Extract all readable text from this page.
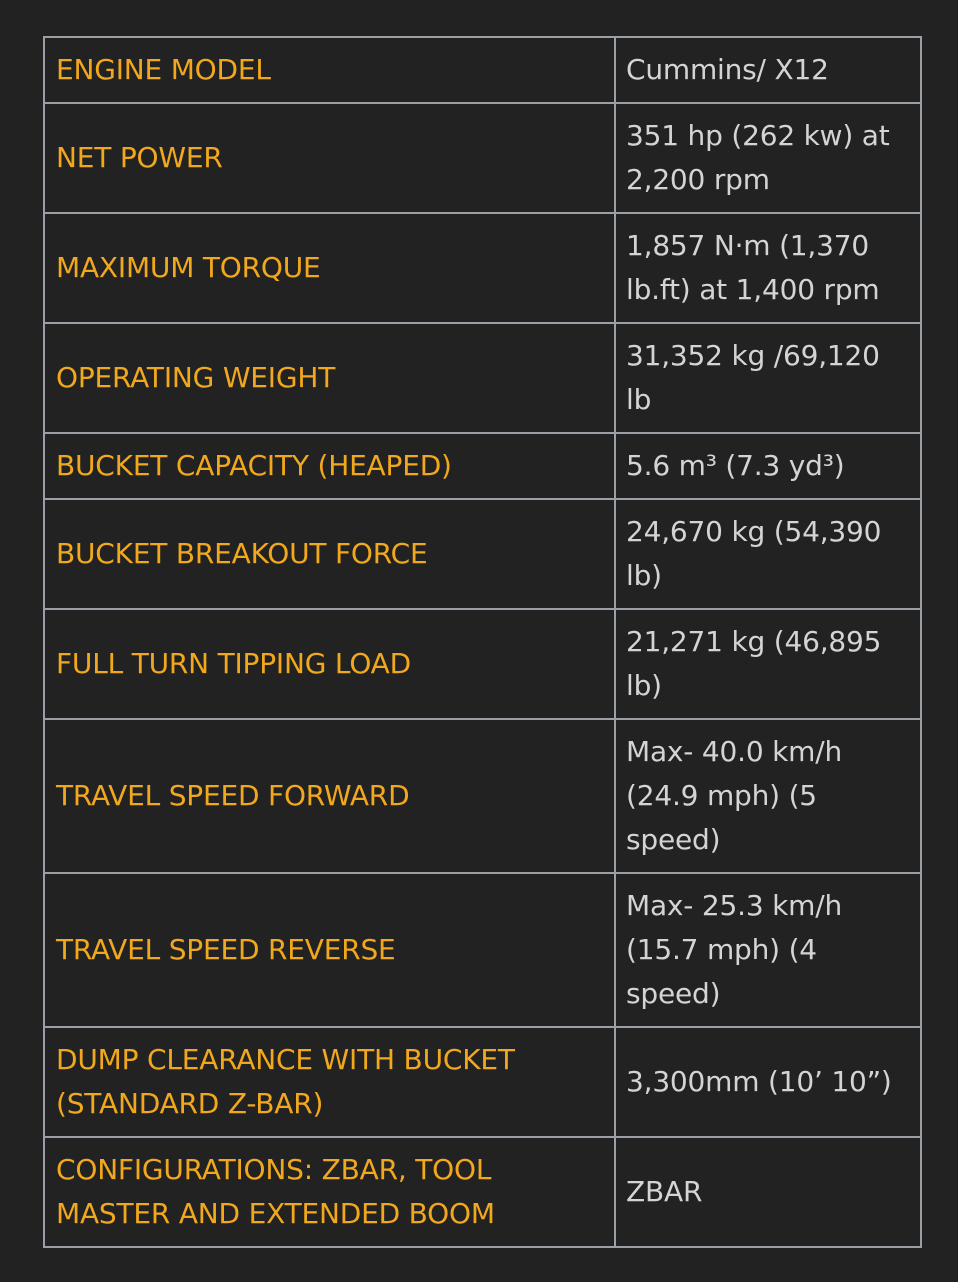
ENGINE MODEL	Cummins/ X12
NET POWER	351 hp (262 kw) at 2,200 rpm
MAXIMUM TORQUE	1,857 N·m (1,370 lb.ft) at 1,400 rpm
OPERATING WEIGHT	31,352 kg /69,120 lb
BUCKET CAPACITY (HEAPED)	5.6 m³ (7.3 yd³)
BUCKET BREAKOUT FORCE	24,670 kg (54,390 lb)
FULL TURN TIPPING LOAD	21,271 kg (46,895 lb)
TRAVEL SPEED FORWARD	Max- 40.0 km/h (24.9 mph) (5 speed)
TRAVEL SPEED REVERSE	Max- 25.3 km/h (15.7 mph) (4 speed)
DUMP CLEARANCE WITH BUCKET (STANDARD Z-BAR)	3,300mm (10’ 10”)
CONFIGURATIONS: ZBAR, TOOL MASTER AND EXTENDED BOOM	ZBAR
